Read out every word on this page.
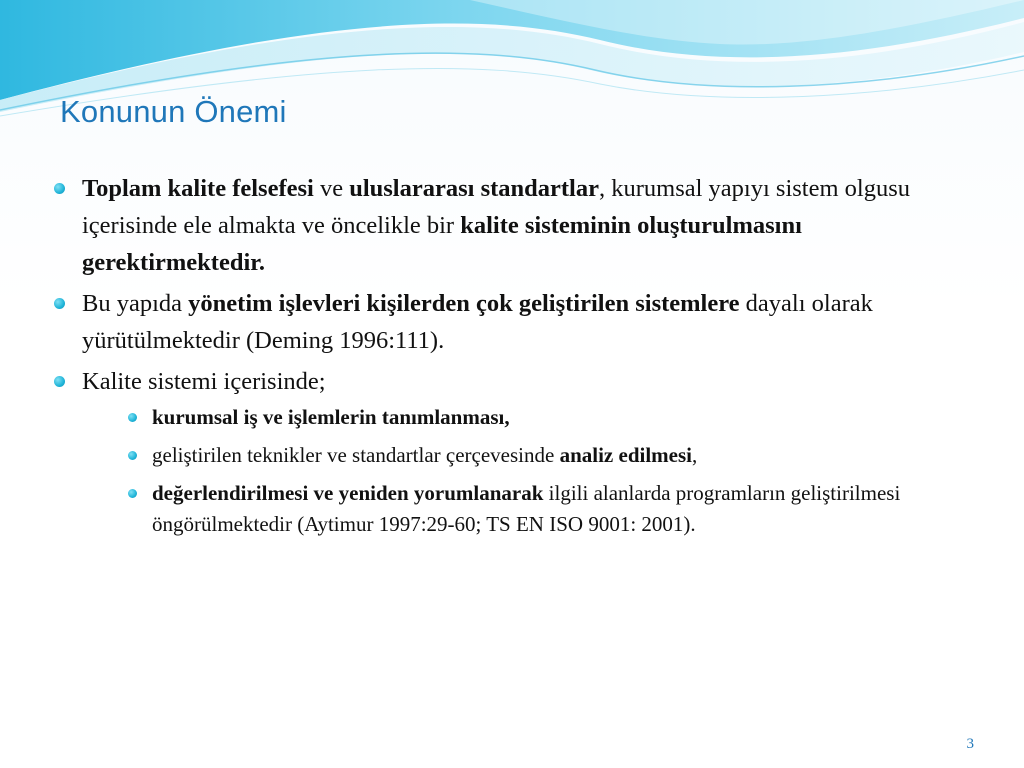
Konunun Önemi
Toplam kalite felsefesi ve uluslararası standartlar, kurumsal yapıyı sistem olgusu içerisinde ele almakta ve öncelikle bir kalite sisteminin oluşturulmasını gerektirmektedir.
Bu yapıda yönetim işlevleri kişilerden çok geliştirilen sistemlere dayalı olarak yürütülmektedir (Deming 1996:111).
Kalite sistemi içerisinde;
kurumsal iş ve işlemlerin tanımlanması,
geliştirilen teknikler ve standartlar çerçevesinde analiz edilmesi,
değerlendirilmesi ve yeniden yorumlanarak ilgili alanlarda programların geliştirilmesi öngörülmektedir (Aytimur 1997:29-60; TS EN ISO 9001: 2001).
3
